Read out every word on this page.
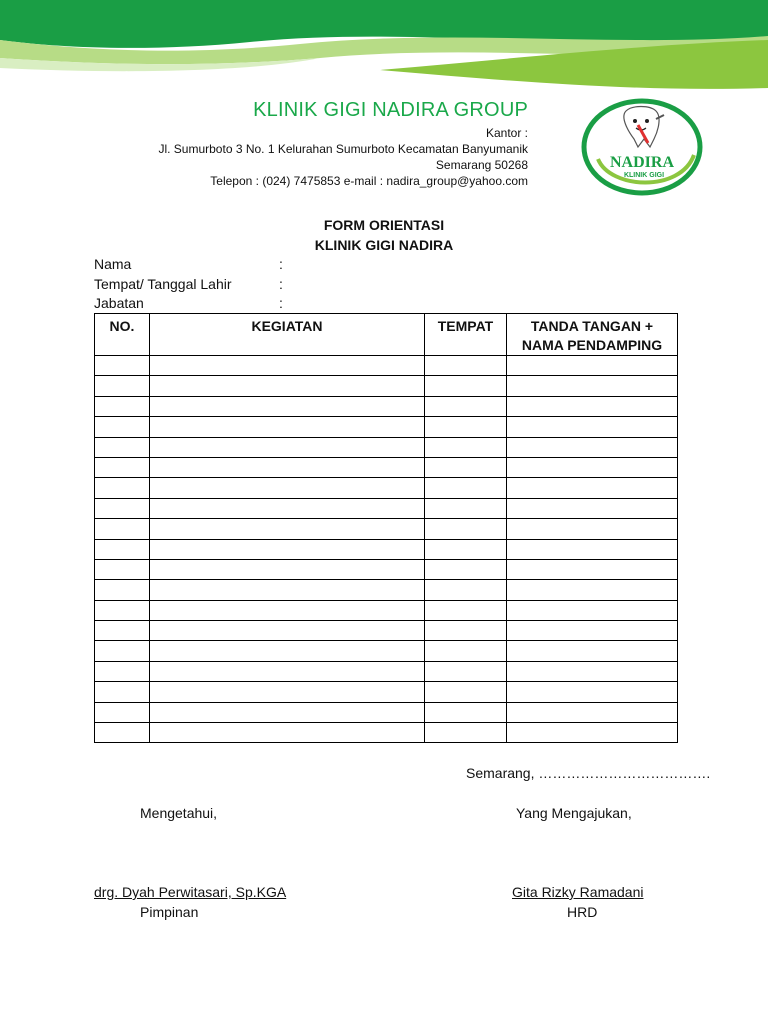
KLINIK GIGI NADIRA GROUP
Kantor :
Jl. Sumurboto 3 No. 1 Kelurahan Sumurboto Kecamatan Banyumanik
Semarang 50268
Telepon : (024) 7475853 e-mail : nadira_group@yahoo.com
NADIRA
KLINIK GIGI
FORM ORIENTASI
KLINIK GIGI NADIRA
Nama	:
Tempat/ Tanggal Lahir	:
Jabatan	:
NO.	KEGIATAN	TEMPAT	TANDA TANGAN +
NAMA PENDAMPING

Semarang, ……………………………….
Mengetahui,	Yang Mengajukan,
drg. Dyah Perwitasari, Sp.KGA
Pimpinan
Gita Rizky Ramadani
HRD
